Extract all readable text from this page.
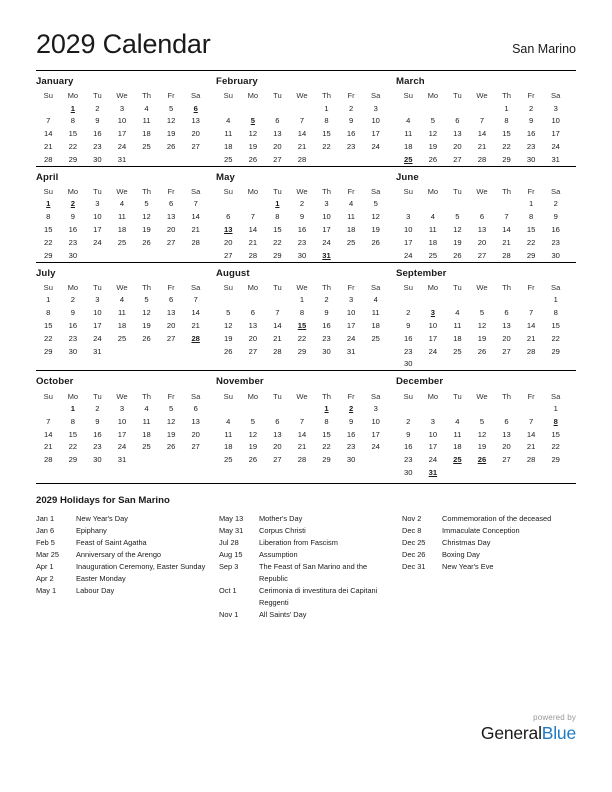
2029 Calendar	San Marino
January
Su	Mo	Tu	We	Th	Fr	Sa
	1	2	3	4	5	6
7	8	9	10	11	12	13
14	15	16	17	18	19	20
21	22	23	24	25	26	27
28	29	30	31			
February
Su	Mo	Tu	We	Th	Fr	Sa
				1	2	3
4	5	6	7	8	9	10
11	12	13	14	15	16	17
18	19	20	21	22	23	24
25	26	27	28			
March
Su	Mo	Tu	We	Th	Fr	Sa
				1	2	3
4	5	6	7	8	9	10
11	12	13	14	15	16	17
18	19	20	21	22	23	24
25	26	27	28	29	30	31
April
Su	Mo	Tu	We	Th	Fr	Sa
1	2	3	4	5	6	7
8	9	10	11	12	13	14
15	16	17	18	19	20	21
22	23	24	25	26	27	28
29	30					
May
Su	Mo	Tu	We	Th	Fr	Sa
		1	2	3	4	5
6	7	8	9	10	11	12
13	14	15	16	17	18	19
20	21	22	23	24	25	26
27	28	29	30	31		
June
Su	Mo	Tu	We	Th	Fr	Sa
					1	2
3	4	5	6	7	8	9
10	11	12	13	14	15	16
17	18	19	20	21	22	23
24	25	26	27	28	29	30
July
Su	Mo	Tu	We	Th	Fr	Sa
1	2	3	4	5	6	7
8	9	10	11	12	13	14
15	16	17	18	19	20	21
22	23	24	25	26	27	28
29	30	31				
August
Su	Mo	Tu	We	Th	Fr	Sa
			1	2	3	4
5	6	7	8	9	10	11
12	13	14	15	16	17	18
19	20	21	22	23	24	25
26	27	28	29	30	31	
September
Su	Mo	Tu	We	Th	Fr	Sa
						1
2	3	4	5	6	7	8
9	10	11	12	13	14	15
16	17	18	19	20	21	22
23	24	25	26	27	28	29
30						
October
Su	Mo	Tu	We	Th	Fr	Sa
	1	2	3	4	5	6
7	8	9	10	11	12	13
14	15	16	17	18	19	20
21	22	23	24	25	26	27
28	29	30	31			
November
Su	Mo	Tu	We	Th	Fr	Sa
				1	2	3
4	5	6	7	8	9	10
11	12	13	14	15	16	17
18	19	20	21	22	23	24
25	26	27	28	29	30	
December
Su	Mo	Tu	We	Th	Fr	Sa
						1
2	3	4	5	6	7	8
9	10	11	12	13	14	15
16	17	18	19	20	21	22
23	24	25	26	27	28	29
30	31					
2029 Holidays for San Marino
Jan 1	New Year's Day
Jan 6	Epiphany
Feb 5	Feast of Saint Agatha
Mar 25	Anniversary of the Arengo
Apr 1	Inauguration Ceremony, Easter Sunday
Apr 2	Easter Monday
May 1	Labour Day
May 13	Mother's Day
May 31	Corpus Christi
Jul 28	Liberation from Fascism
Aug 15	Assumption
Sep 3	The Feast of San Marino and the Republic
Oct 1	Cerimonia di investitura dei Capitani Reggenti
Nov 1	All Saints' Day
Nov 2	Commemoration of the deceased
Dec 8	Immaculate Conception
Dec 25	Christmas Day
Dec 26	Boxing Day
Dec 31	New Year's Eve
powered by
GeneralBlue
